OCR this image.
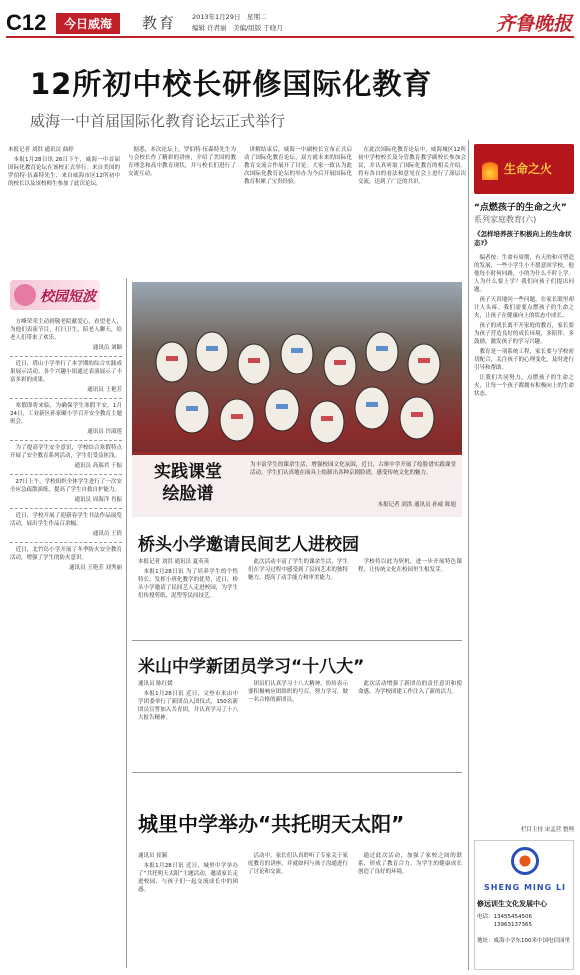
C12	今日威海	教育 2013年1月29日　星期二
编辑 许君丽　美编/组版 于晓月	齐鲁晚报
12所初中校长研修国际化教育
威海一中首届国际化教育论坛正式举行
本报记者 刘洪 通讯员 曲婷

本报1月28日讯 26日下午，威海一中首届国际化教育论坛在该校正式举行。来自美国的罗伯特·伍森特先生、来自威海市区12所初中的校长以及该校师生参加了此次论坛。

据悉，本次论坛上，罗伯特·伍森特先生为与会校长作了精彩的讲座，介绍了美国的教育理念和高中教育现状，并与校长们进行了交流互动。

讲解结束后，威海一中副校长宣布正式启动了国际化教育论坛，双方就未来的国际化教育交流合作展开了讨论。大家一致认为此次国际化教育论坛的举办为今后开展国际化教育积累了宝贵经验。

在此次国际化教育论坛中，威海城区12所初中学校校长及分管教育教学副校长参加会议，并认真听取了国际化教育的相关介绍。将有各自的看法和意见在会上进行了深层次交流，达到了广泛的共识。

校园短波

方峰荣荣主动到敬老院献爱心，看望老人，为他们表演节目，打扫卫生，陪老人聊天，给老人们带来了欢乐。

通讯员 刘颖

近日，塔山小学举行了本学期的综合实践成果展示活动。各个兴趣小组通过表演展示了丰富多彩的成果。

通讯员 王艳芳

寒假即将来临，为确保学生寒假平安，1月24日，工业新区孙家疃小学召开安全教育主题班会。

通讯员 许淑莲

为了提高学生安全意识，学校结合寒假特点开展了安全教育系列活动，学生们受益匪浅。

通讯员 高瑞君 于振

27日上午，学校组织全体学生进行了一次安全应急疏散演练，提高了学生自救自护能力。

通讯员 周海洋 肖振

近日，学校开展了迎新春学生书法作品展览活动，展出学生作品百余幅。

通讯员 王倩

近日，北竹岛小学开展了冬季防火安全教育活动，增强了学生的防火意识。

通讯员 王艳芳 刘秀丽

实践课堂
绘脸谱
为丰富学生的课余生活，增强校园文化氛围，近日，古寨中学开展了绘脸谱实践课堂活动。学生们认真地在面具上绘制出各种京剧脸谱，感受传统文化的魅力。
本报记者 刘洪 通讯员 孙威 陈旭
桥头小学邀请民间艺人进校园
本报记者 刘洪 通讯员 夏英英

本报1月28日讯 为了培养学生的个性特长，发挥小班化教学的优势，近日，桥头小学邀请了民间艺人走进校园，为学生们传授剪纸、泥塑等民间技艺。

此次活动丰富了学生的课余生活，学生们在学习过程中感受到了民间艺术的独特魅力，提高了动手能力和审美能力。

学校将以此为契机，进一步开展特色课程，让传统文化在校园里生根发芽。

米山中学新团员学习“十八大”
通讯员 陈红媛

本报1月28日讯 近日，文登市米山中学团委举行了新团员入团仪式，150名新团员宣誓加入共青团，并认真学习了十八大报告精神。

团员们认真学习十八大精神，纷纷表示要积极响应团组织的号召，努力学习，做一名合格的新团员。

此次活动增强了新团员的责任意识和使命感，为学校团建工作注入了新的活力。

城里中学举办“共托明天太阳”
通讯员 崔颖

本报1月28日讯 近日，城里中学举办了“共托明天太阳”主题活动，邀请家长走进校园，与孩子们一起交流成长中的困惑。

活动中，家长们认真聆听了专家关于家庭教育的讲座，并就如何与孩子沟通进行了讨论和交流。

通过此次活动，加强了家校之间的联系，形成了教育合力，为学生的健康成长创造了良好的环境。

生命之火
“点燃孩子的生命之火”
系列家庭教育(六)
《怎样培养孩子积极向上的生命状态?》

编者按：生命有周期，有天的和可塑造的发展，一些小学生小不愿意回学校，他他每小时何同路，小的为什么不时上学。人为什么要上学？我们向孩子们提出问题。

孩子天真地问一些问题，在家长眼里却让人头疼。我们需要点燃孩子的生命之火，让孩子在健康向上的状态中成长。

孩子的成长离不开家庭的教育，家长要为孩子营造良好的成长环境，多陪伴、多鼓励，激发孩子的学习兴趣。

教育是一项系统工程，家长要与学校密切配合，关注孩子的心理变化，及时进行引导和帮助。

让我们共同努力，点燃孩子的生命之火，让每一个孩子都拥有积极向上的生命状态。

栏目主持 宋孟营 整理
SHENG MING LI
修远训生文化发展中心
电话：13455454506
　　　13963137365
地址：威海小学东100米中国电信园里
